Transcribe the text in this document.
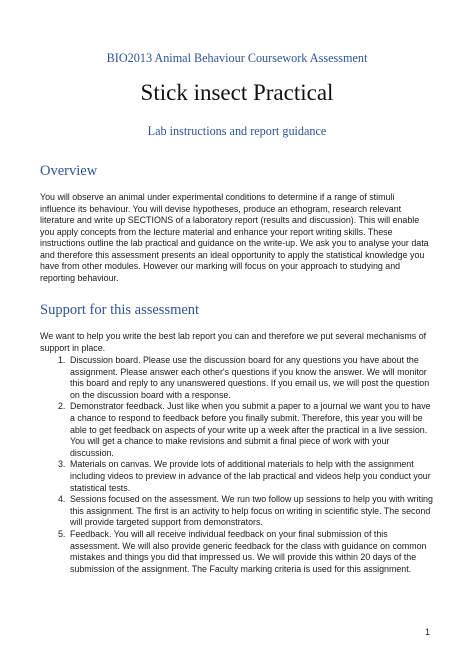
BIO2013 Animal Behaviour Coursework Assessment
Stick insect Practical
Lab instructions and report guidance
Overview
You will observe an animal under experimental conditions to determine if a range of stimuli
influence its behaviour. You will devise hypotheses, produce an ethogram, research relevant
literature and write up SECTIONS of a laboratory report (results and discussion). This will enable
you apply concepts from the lecture material and enhance your report writing skills. These
instructions outline the lab practical and guidance on the write-up. We ask you to analyse your data
and therefore this assessment presents an ideal opportunity to apply the statistical knowledge you
have from other modules. However our marking will focus on your approach to studying and
reporting behaviour.
Support for this assessment
We want to help you write the best lab report you can and therefore we put several mechanisms of
support in place.
1. Discussion board. Please use the discussion board for any questions you have about the
assignment. Please answer each other's questions if you know the answer. We will monitor
this board and reply to any unanswered questions. If you email us, we will post the question
on the discussion board with a response.
2. Demonstrator feedback. Just like when you submit a paper to a journal we want you to have
a chance to respond to feedback before you finally submit. Therefore, this year you will be
able to get feedback on aspects of your write up a week after the practical in a live session.
You will get a chance to make revisions and submit a final piece of work with your
discussion.
3. Materials on canvas. We provide lots of additional materials to help with the assignment
including videos to preview in advance of the lab practical and videos help you conduct your
statistical tests.
4. Sessions focused on the assessment. We run two follow up sessions to help you with writing
this assignment. The first is an activity to help focus on writing in scientific style. The second
will provide targeted support from demonstrators.
5. Feedback. You will all receive individual feedback on your final submission of this
assessment. We will also provide generic feedback for the class with guidance on common
mistakes and things you did that impressed us. We will provide this within 20 days of the
submission of the assignment. The Faculty marking criteria is used for this assignment.
1
